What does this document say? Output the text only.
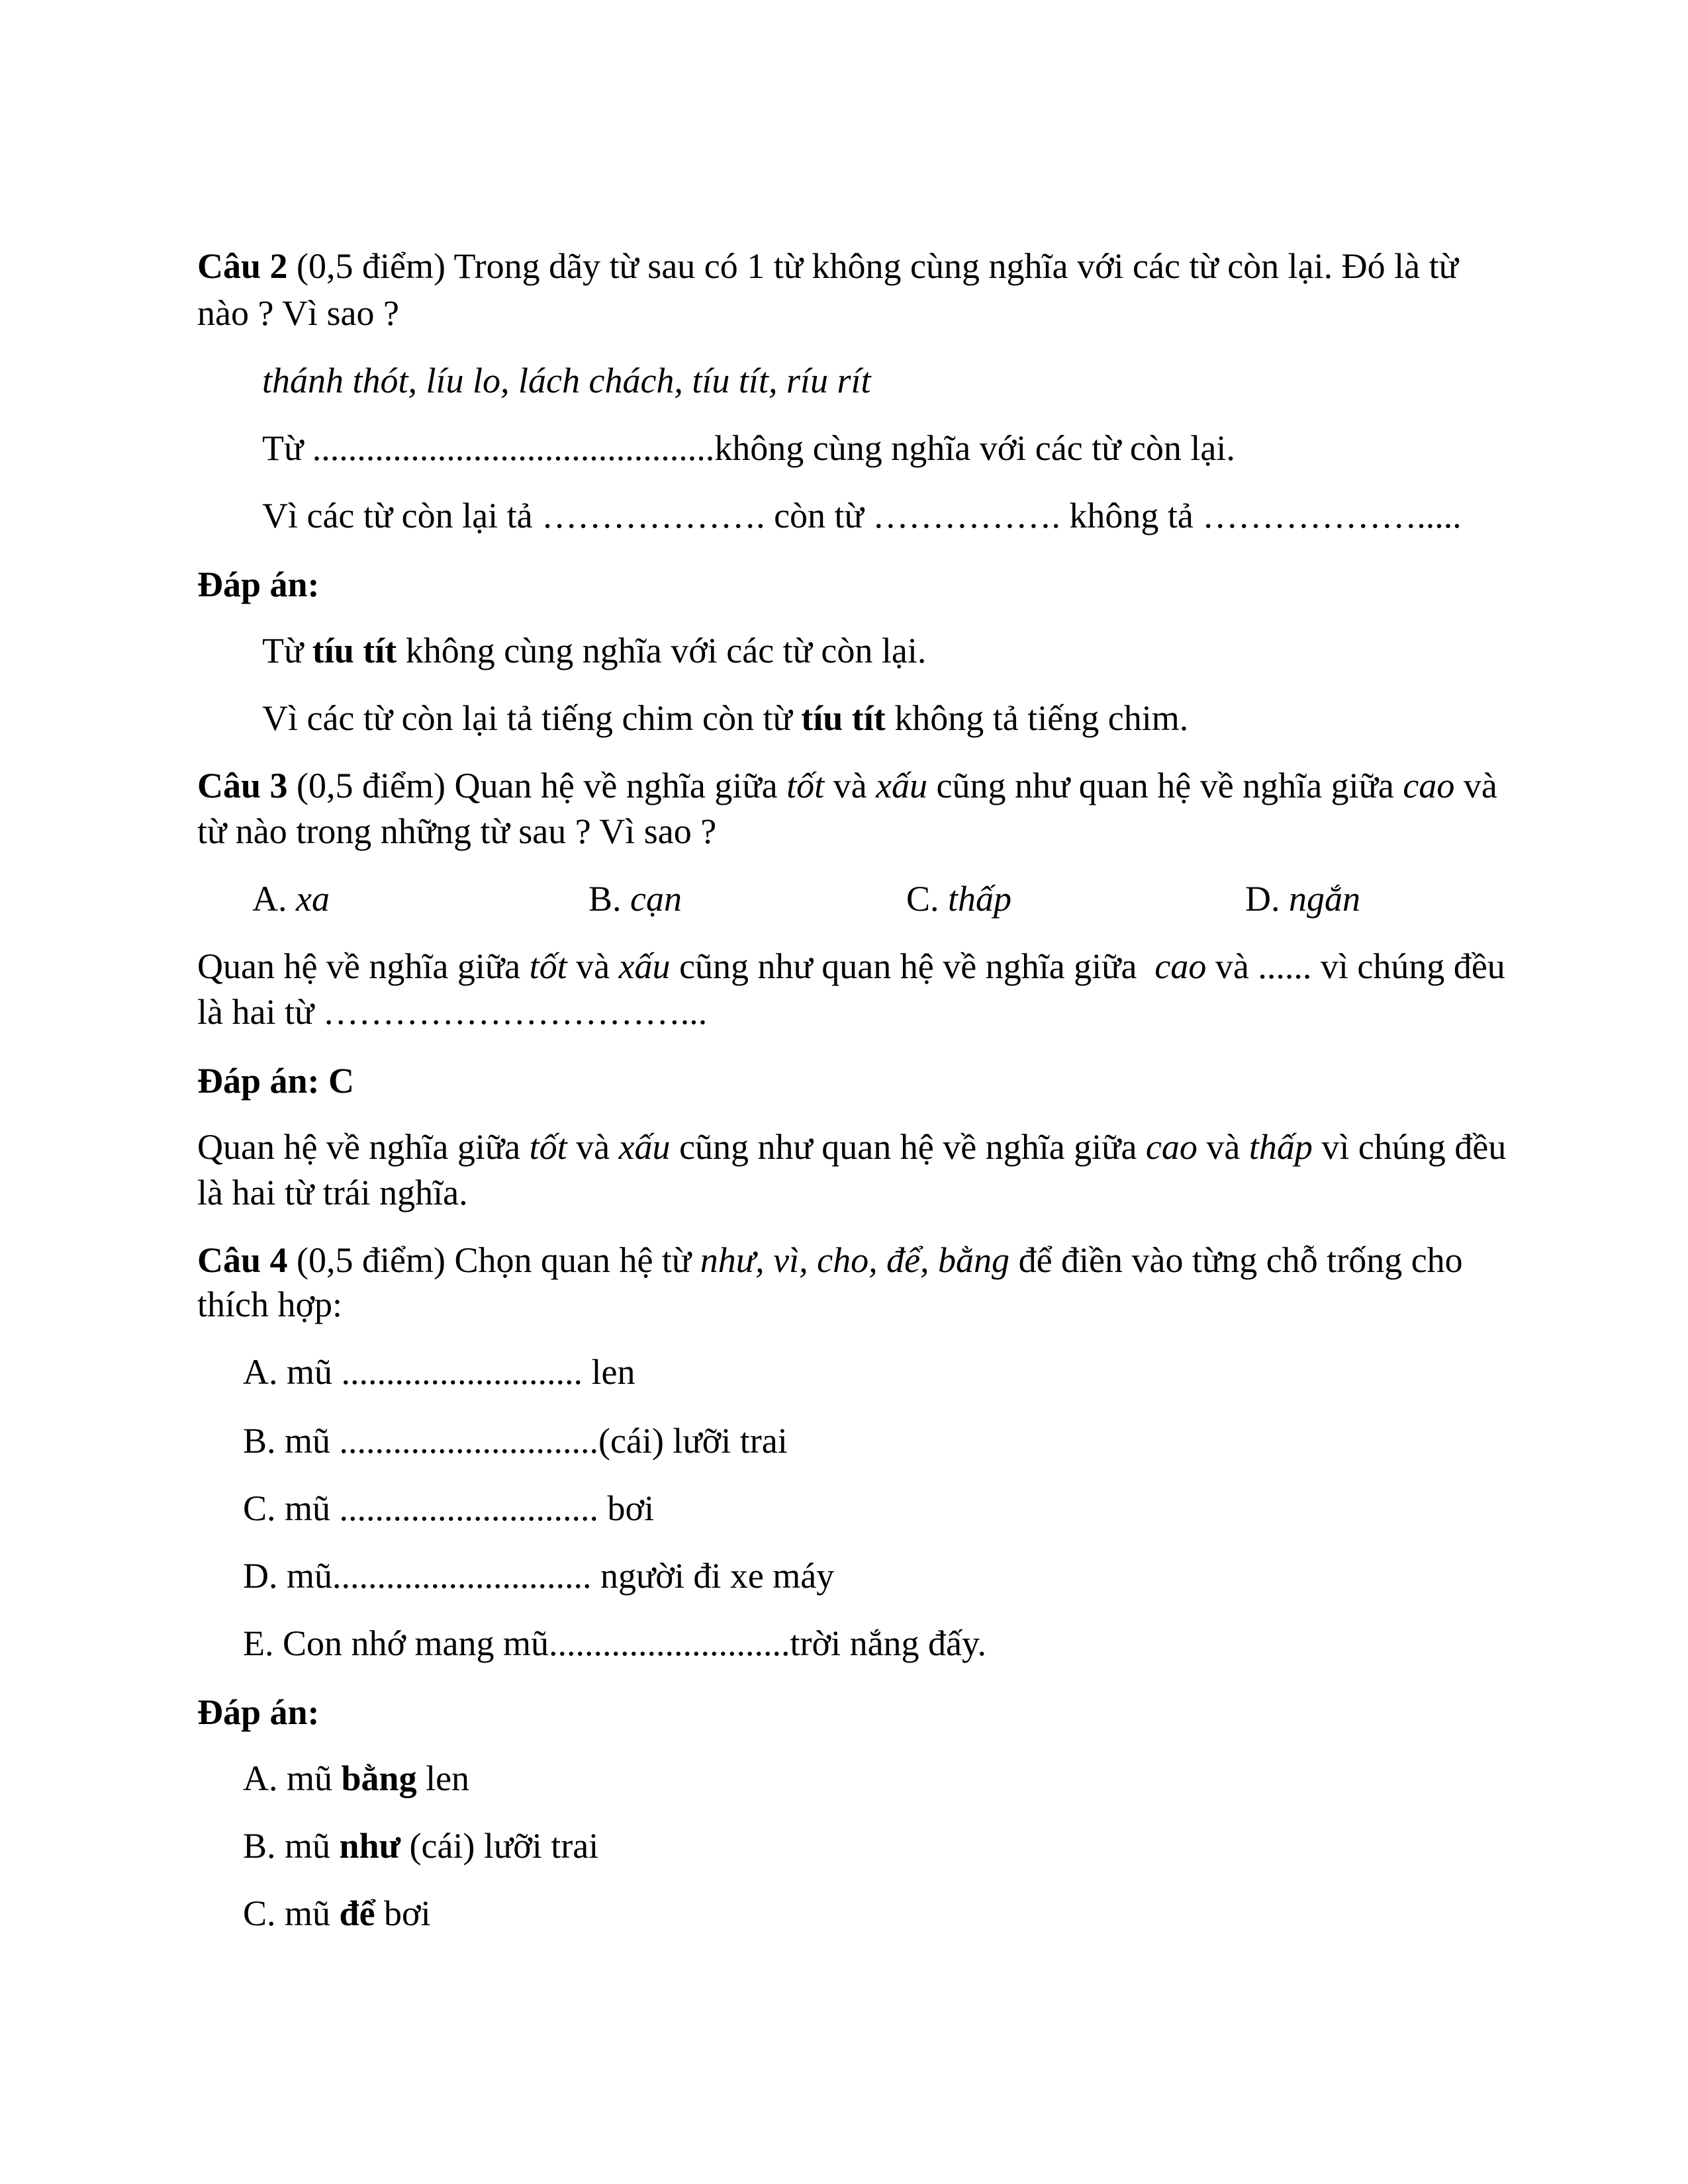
Câu 2 (0,5 điểm) Trong dãy từ sau có 1 từ không cùng nghĩa với các từ còn lại. Đó là từ
nào ? Vì sao ?
thánh thót, líu lo, lách chách, tíu tít, ríu rít
Từ .............................................không cùng nghĩa với các từ còn lại.
Vì các từ còn lại tả ………………. còn từ ……………. không tả ……………….....
Đáp án:
Từ tíu tít không cùng nghĩa với các từ còn lại.
Vì các từ còn lại tả tiếng chim còn từ tíu tít không tả tiếng chim.
Câu 3 (0,5 điểm) Quan hệ về nghĩa giữa tốt và xấu cũng như quan hệ về nghĩa giữa cao và
từ nào trong những từ sau ? Vì sao ?
A. xa	B. cạn	C. thấp	D. ngắn
Quan hệ về nghĩa giữa tốt và xấu cũng như quan hệ về nghĩa giữa  cao và ...... vì chúng đều
là hai từ …………………………...
Đáp án: C
Quan hệ về nghĩa giữa tốt và xấu cũng như quan hệ về nghĩa giữa cao và thấp vì chúng đều
là hai từ trái nghĩa.
Câu 4 (0,5 điểm) Chọn quan hệ từ như, vì, cho, để, bằng để điền vào từng chỗ trống cho
thích hợp:
A. mũ ........................... len
B. mũ .............................(cái) lưỡi trai
C. mũ ............................. bơi
D. mũ............................. người đi xe máy
E. Con nhớ mang mũ...........................trời nắng đấy.
Đáp án:
A. mũ bằng len
B. mũ như (cái) lưỡi trai
C. mũ để bơi
